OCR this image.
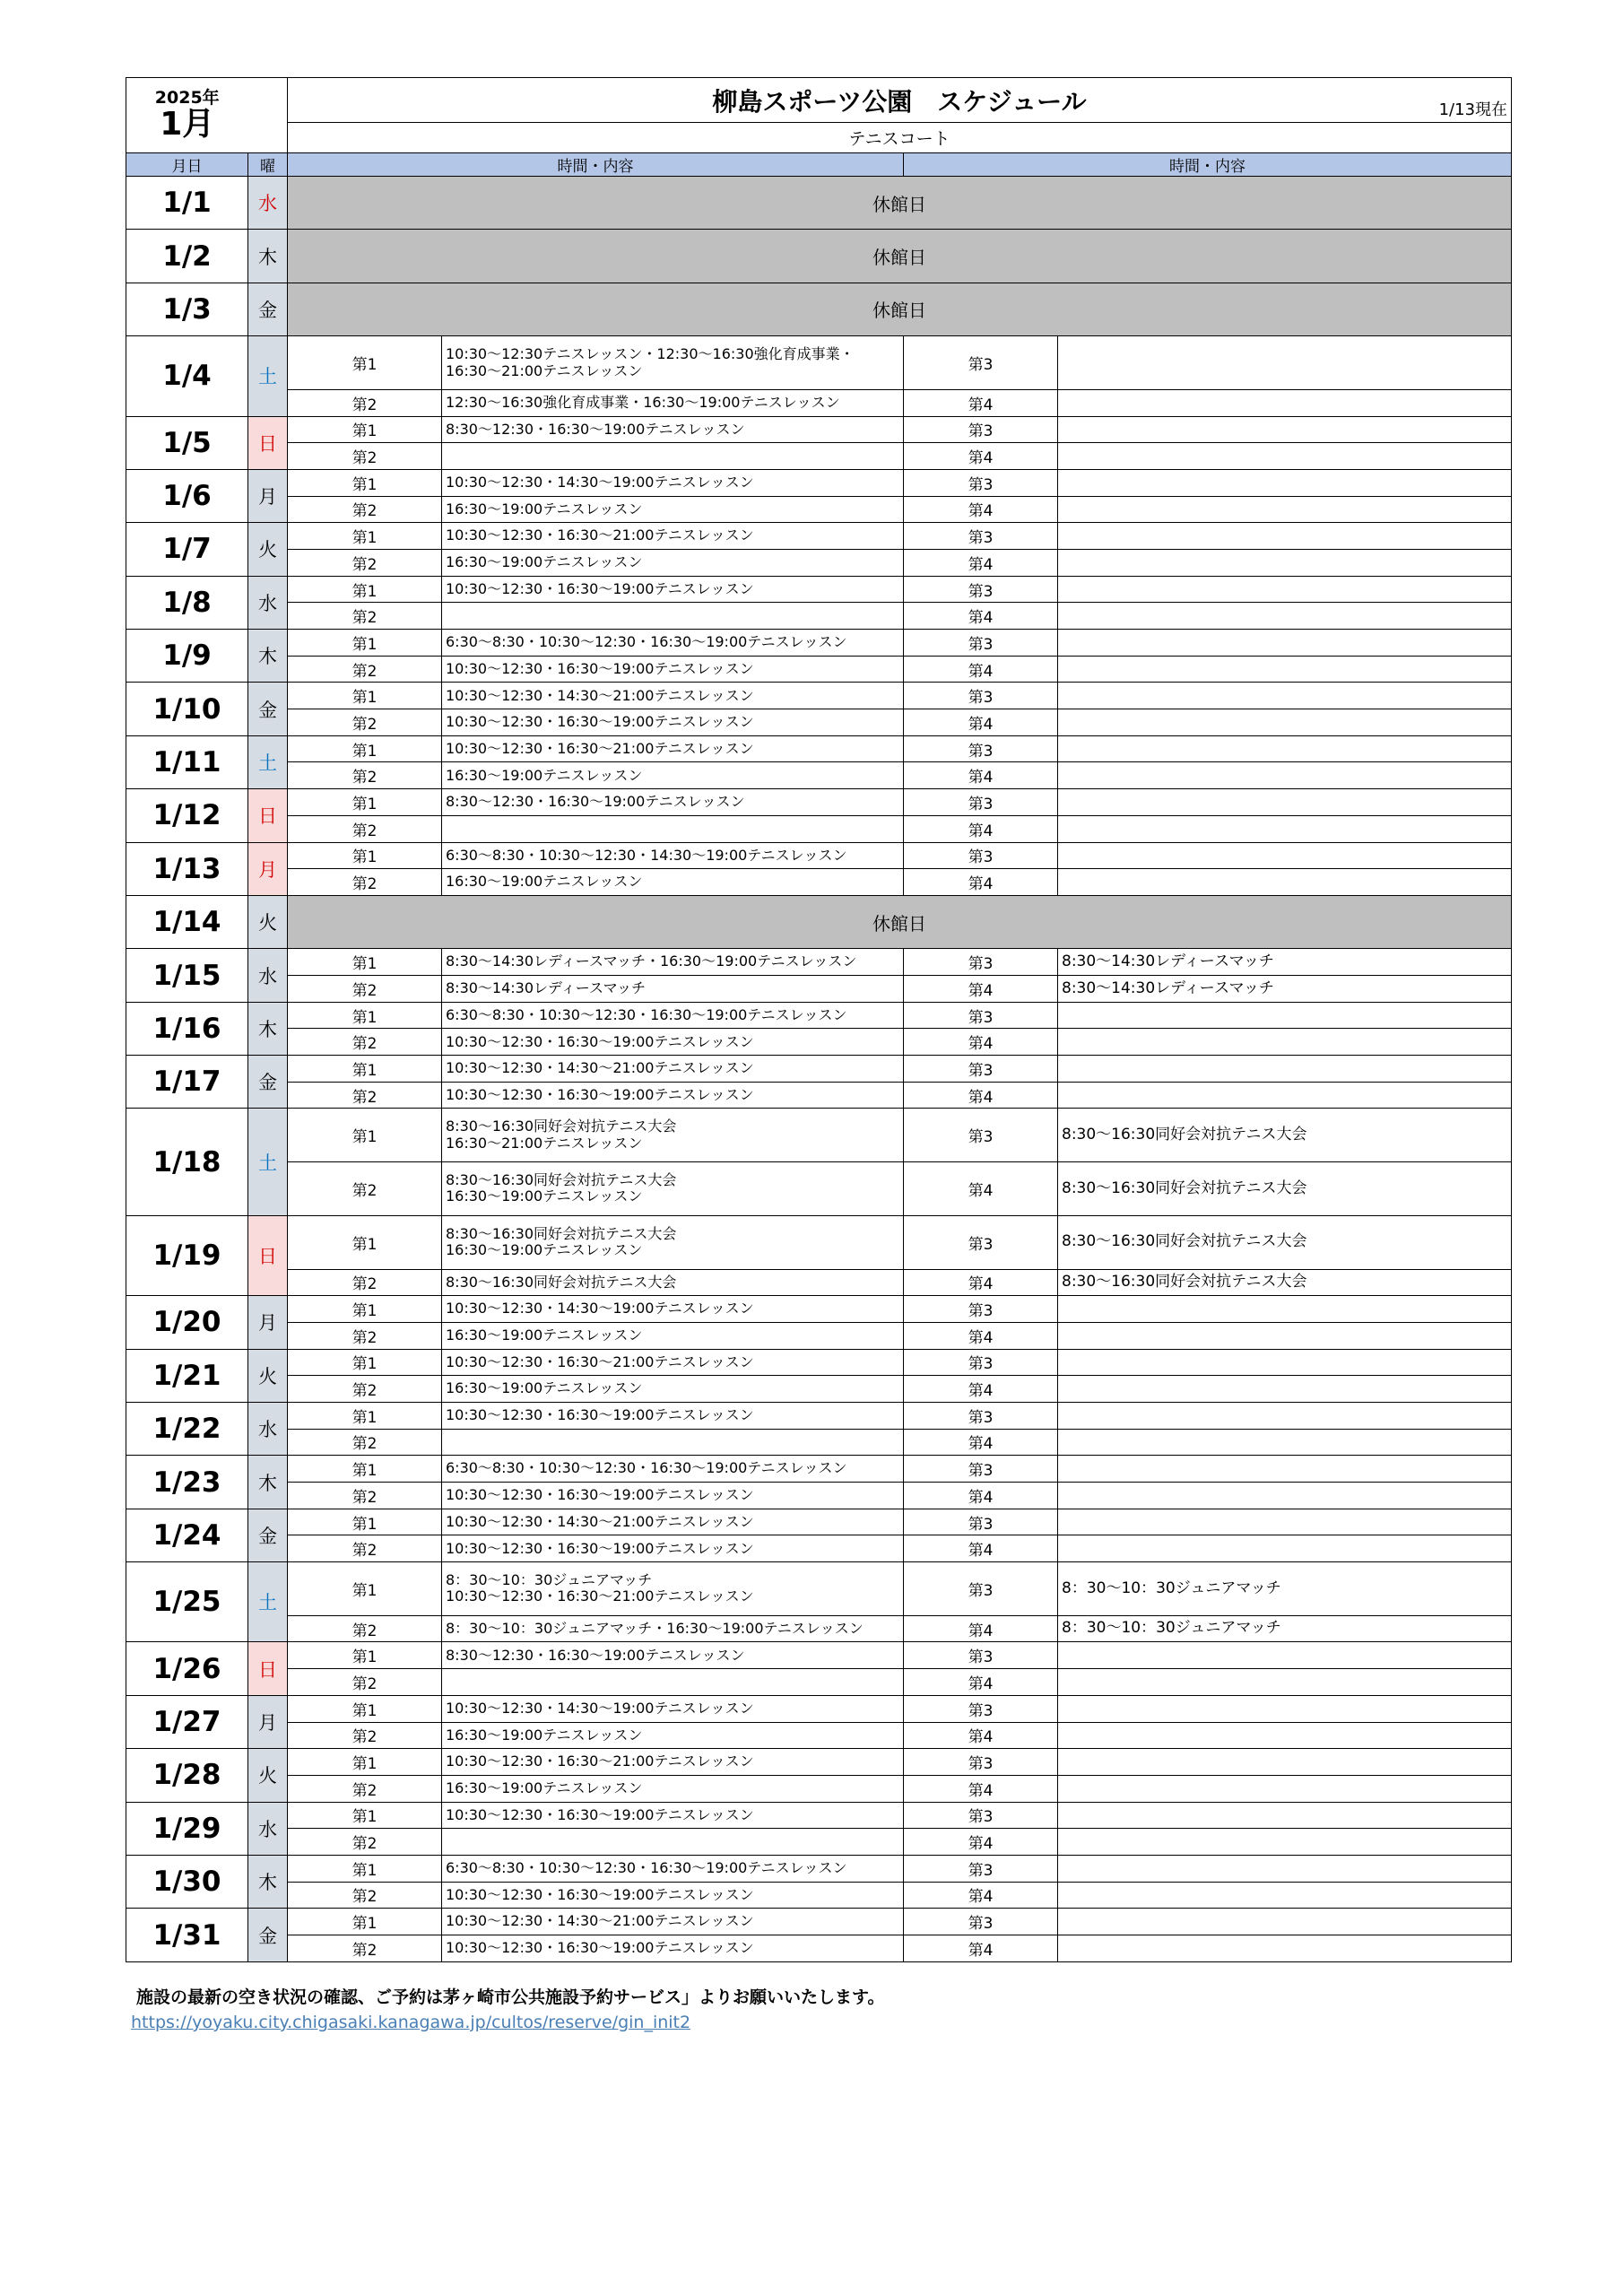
2025年
1月		柳島スポーツ公園　スケジュール 1/13現在			

		テニスコート			
月日	曜	時間・内容		時間・内容	
1/1	水	休館日			
1/2	木	休館日			
1/3	金	休館日			
1/4	土	第1	10:30～12:30テニスレッスン・12:30～16:30強化育成事業・
16:30～21:00テニスレッスン	第3	
		第2	12:30～16:30強化育成事業・16:30～19:00テニスレッスン	第4	
1/5	日	第1	8:30～12:30・16:30～19:00テニスレッスン	第3	
		第2		第4	
1/6	月	第1	10:30～12:30・14:30～19:00テニスレッスン	第3	
		第2	16:30～19:00テニスレッスン	第4	
1/7	火	第1	10:30～12:30・16:30～21:00テニスレッスン	第3	
		第2	16:30～19:00テニスレッスン	第4	
1/8	水	第1	10:30～12:30・16:30～19:00テニスレッスン	第3	
		第2		第4	
1/9	木	第1	6:30～8:30・10:30～12:30・16:30～19:00テニスレッスン	第3	
		第2	10:30～12:30・16:30～19:00テニスレッスン	第4	
1/10	金	第1	10:30～12:30・14:30～21:00テニスレッスン	第3	
		第2	10:30～12:30・16:30～19:00テニスレッスン	第4	
1/11	土	第1	10:30～12:30・16:30～21:00テニスレッスン	第3	
		第2	16:30～19:00テニスレッスン	第4	
1/12	日	第1	8:30～12:30・16:30～19:00テニスレッスン	第3	
		第2		第4	
1/13	月	第1	6:30～8:30・10:30～12:30・14:30～19:00テニスレッスン	第3	
		第2	16:30～19:00テニスレッスン	第4	
1/14	火	休館日			
1/15	水	第1	8:30～14:30レディースマッチ・16:30～19:00テニスレッスン	第3	8:30～14:30レディースマッチ
		第2	8:30～14:30レディースマッチ	第4	8:30～14:30レディースマッチ
1/16	木	第1	6:30～8:30・10:30～12:30・16:30～19:00テニスレッスン	第3	
		第2	10:30～12:30・16:30～19:00テニスレッスン	第4	
1/17	金	第1	10:30～12:30・14:30～21:00テニスレッスン	第3	
		第2	10:30～12:30・16:30～19:00テニスレッスン	第4	
1/18	土	第1	8:30～16:30同好会対抗テニス大会
16:30～21:00テニスレッスン	第3	8:30～16:30同好会対抗テニス大会
		第2	8:30～16:30同好会対抗テニス大会
16:30～19:00テニスレッスン	第4	8:30～16:30同好会対抗テニス大会
1/19	日	第1	8:30～16:30同好会対抗テニス大会
16:30～19:00テニスレッスン	第3	8:30～16:30同好会対抗テニス大会
		第2	8:30～16:30同好会対抗テニス大会	第4	8:30～16:30同好会対抗テニス大会
1/20	月	第1	10:30～12:30・14:30～19:00テニスレッスン	第3	
		第2	16:30～19:00テニスレッスン	第4	
1/21	火	第1	10:30～12:30・16:30～21:00テニスレッスン	第3	
		第2	16:30～19:00テニスレッスン	第4	
1/22	水	第1	10:30～12:30・16:30～19:00テニスレッスン	第3	
		第2		第4	
1/23	木	第1	6:30～8:30・10:30～12:30・16:30～19:00テニスレッスン	第3	
		第2	10:30～12:30・16:30～19:00テニスレッスン	第4	
1/24	金	第1	10:30～12:30・14:30～21:00テニスレッスン	第3	
		第2	10:30～12:30・16:30～19:00テニスレッスン	第4	
1/25	土	第1	8：30～10：30ジュニアマッチ
10:30～12:30・16:30～21:00テニスレッスン	第3	8：30～10：30ジュニアマッチ
		第2	8：30～10：30ジュニアマッチ・16:30～19:00テニスレッスン	第4	8：30～10：30ジュニアマッチ
1/26	日	第1	8:30～12:30・16:30～19:00テニスレッスン	第3	
		第2		第4	
1/27	月	第1	10:30～12:30・14:30～19:00テニスレッスン	第3	
		第2	16:30～19:00テニスレッスン	第4	
1/28	火	第1	10:30～12:30・16:30～21:00テニスレッスン	第3	
		第2	16:30～19:00テニスレッスン	第4	
1/29	水	第1	10:30～12:30・16:30～19:00テニスレッスン	第3	
		第2		第4	
1/30	木	第1	6:30～8:30・10:30～12:30・16:30～19:00テニスレッスン	第3	
		第2	10:30～12:30・16:30～19:00テニスレッスン	第4	
1/31	金	第1	10:30～12:30・14:30～21:00テニスレッスン	第3	
		第2	10:30～12:30・16:30～19:00テニスレッスン	第4	
施設の最新の空き状況の確認、ご予約は茅ヶ崎市公共施設予約サービス」よりお願いいたします。
https://yoyaku.city.chigasaki.kanagawa.jp/cultos/reserve/gin_init2
